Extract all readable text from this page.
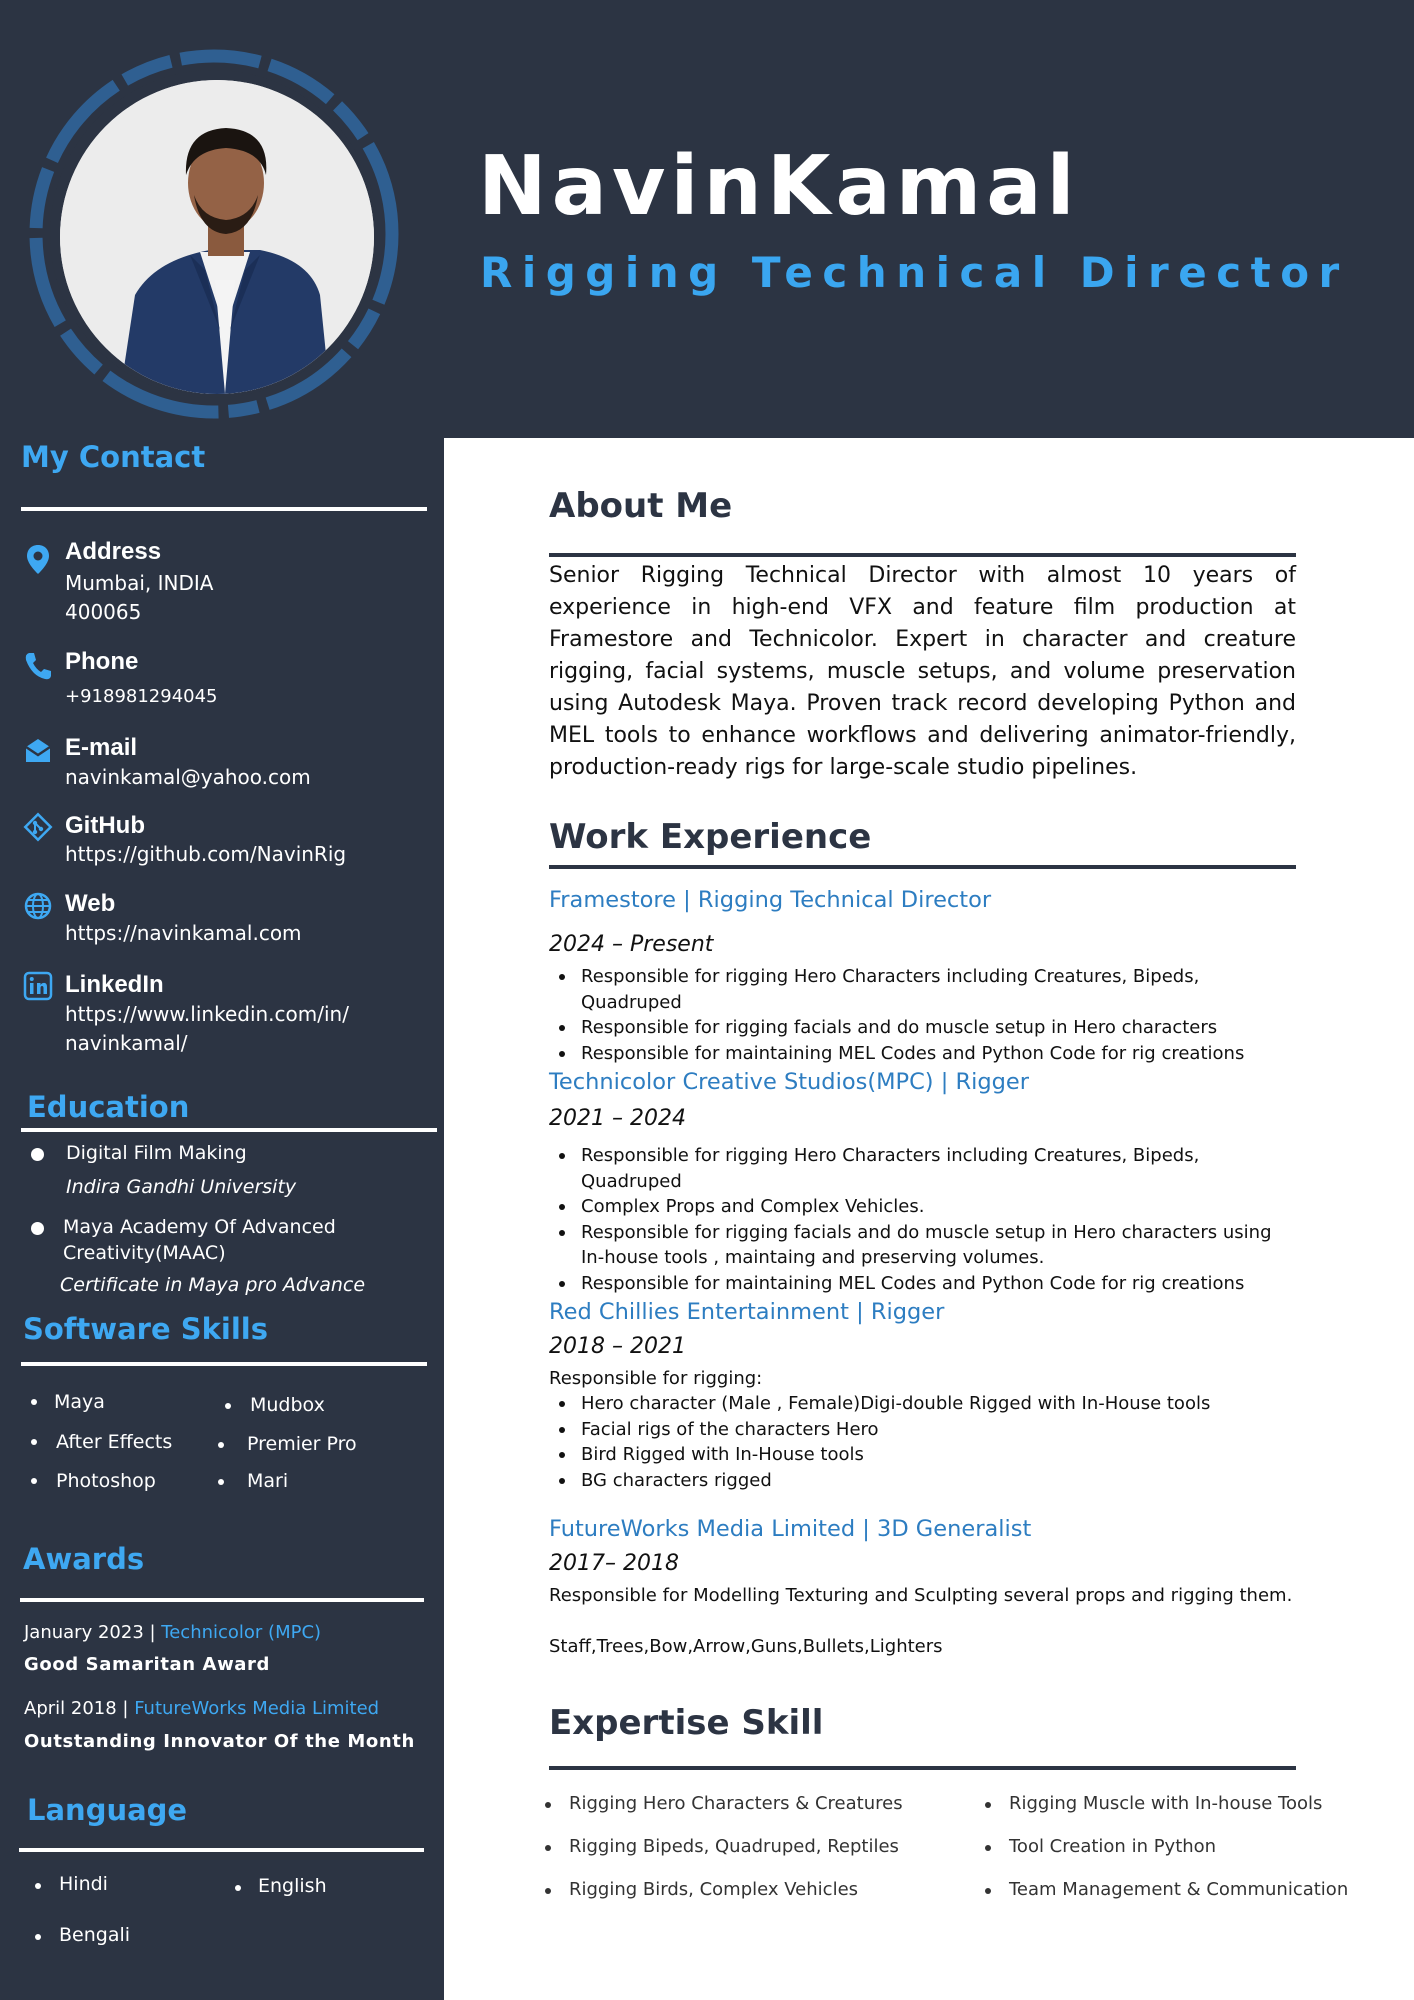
NavinKamal
Rigging Technical Director
My Contact
Address
Mumbai, INDIA
400065
Phone
+918981294045
E-mail
navinkamal@yahoo.com
GitHub
https://github.com/NavinRig
Web
https://navinkamal.com
LinkedIn
https://www.linkedin.com/in/
navinkamal/
Education
Digital Film Making
Indira Gandhi University
Maya Academy Of Advanced
Creativity(MAAC)
Certificate in Maya pro Advance
Software Skills
Maya
After Effects
Photoshop
Mudbox
Premier Pro
Mari
Awards
January 2023 | Technicolor (MPC)
Good Samaritan Award
April 2018 | FutureWorks Media Limited
Outstanding Innovator Of the Month
Language
Hindi	English
Bengali
About Me
Senior Rigging Technical Director with almost 10 years of experience in high-end VFX and feature film production at Framestore and Technicolor. Expert in character and creature rigging, facial systems, muscle setups, and volume preservation using Autodesk Maya. Proven track record developing Python and MEL tools to enhance workflows and delivering animator-friendly, production-ready rigs for large-scale studio pipelines.
Work Experience
Framestore | Rigging Technical Director
2024 – Present
Responsible for rigging Hero Characters including Creatures, Bipeds, Quadruped
Responsible for rigging facials and do muscle setup in Hero characters
Responsible for maintaining MEL Codes and Python Code for rig creations
Technicolor Creative Studios(MPC) | Rigger
2021 – 2024
Responsible for rigging Hero Characters including Creatures, Bipeds, Quadruped
Complex Props and Complex Vehicles.
Responsible for rigging facials and do muscle setup in Hero characters using In-house tools , maintaing and preserving volumes.
Responsible for maintaining MEL Codes and Python Code for rig creations
Red Chillies Entertainment | Rigger
2018 – 2021
Responsible for rigging:
Hero character (Male , Female)Digi-double Rigged with In-House tools
Facial rigs of the characters Hero
Bird Rigged with In-House tools
BG characters rigged
FutureWorks Media Limited | 3D Generalist
2017– 2018
Responsible for Modelling Texturing and Sculpting several props and rigging them.
Staff,Trees,Bow,Arrow,Guns,Bullets,Lighters
Expertise Skill
Rigging Hero Characters & Creatures
Rigging Bipeds, Quadruped, Reptiles
Rigging Birds, Complex Vehicles
Rigging Muscle with In-house Tools
Tool Creation in Python
Team Management & Communication
